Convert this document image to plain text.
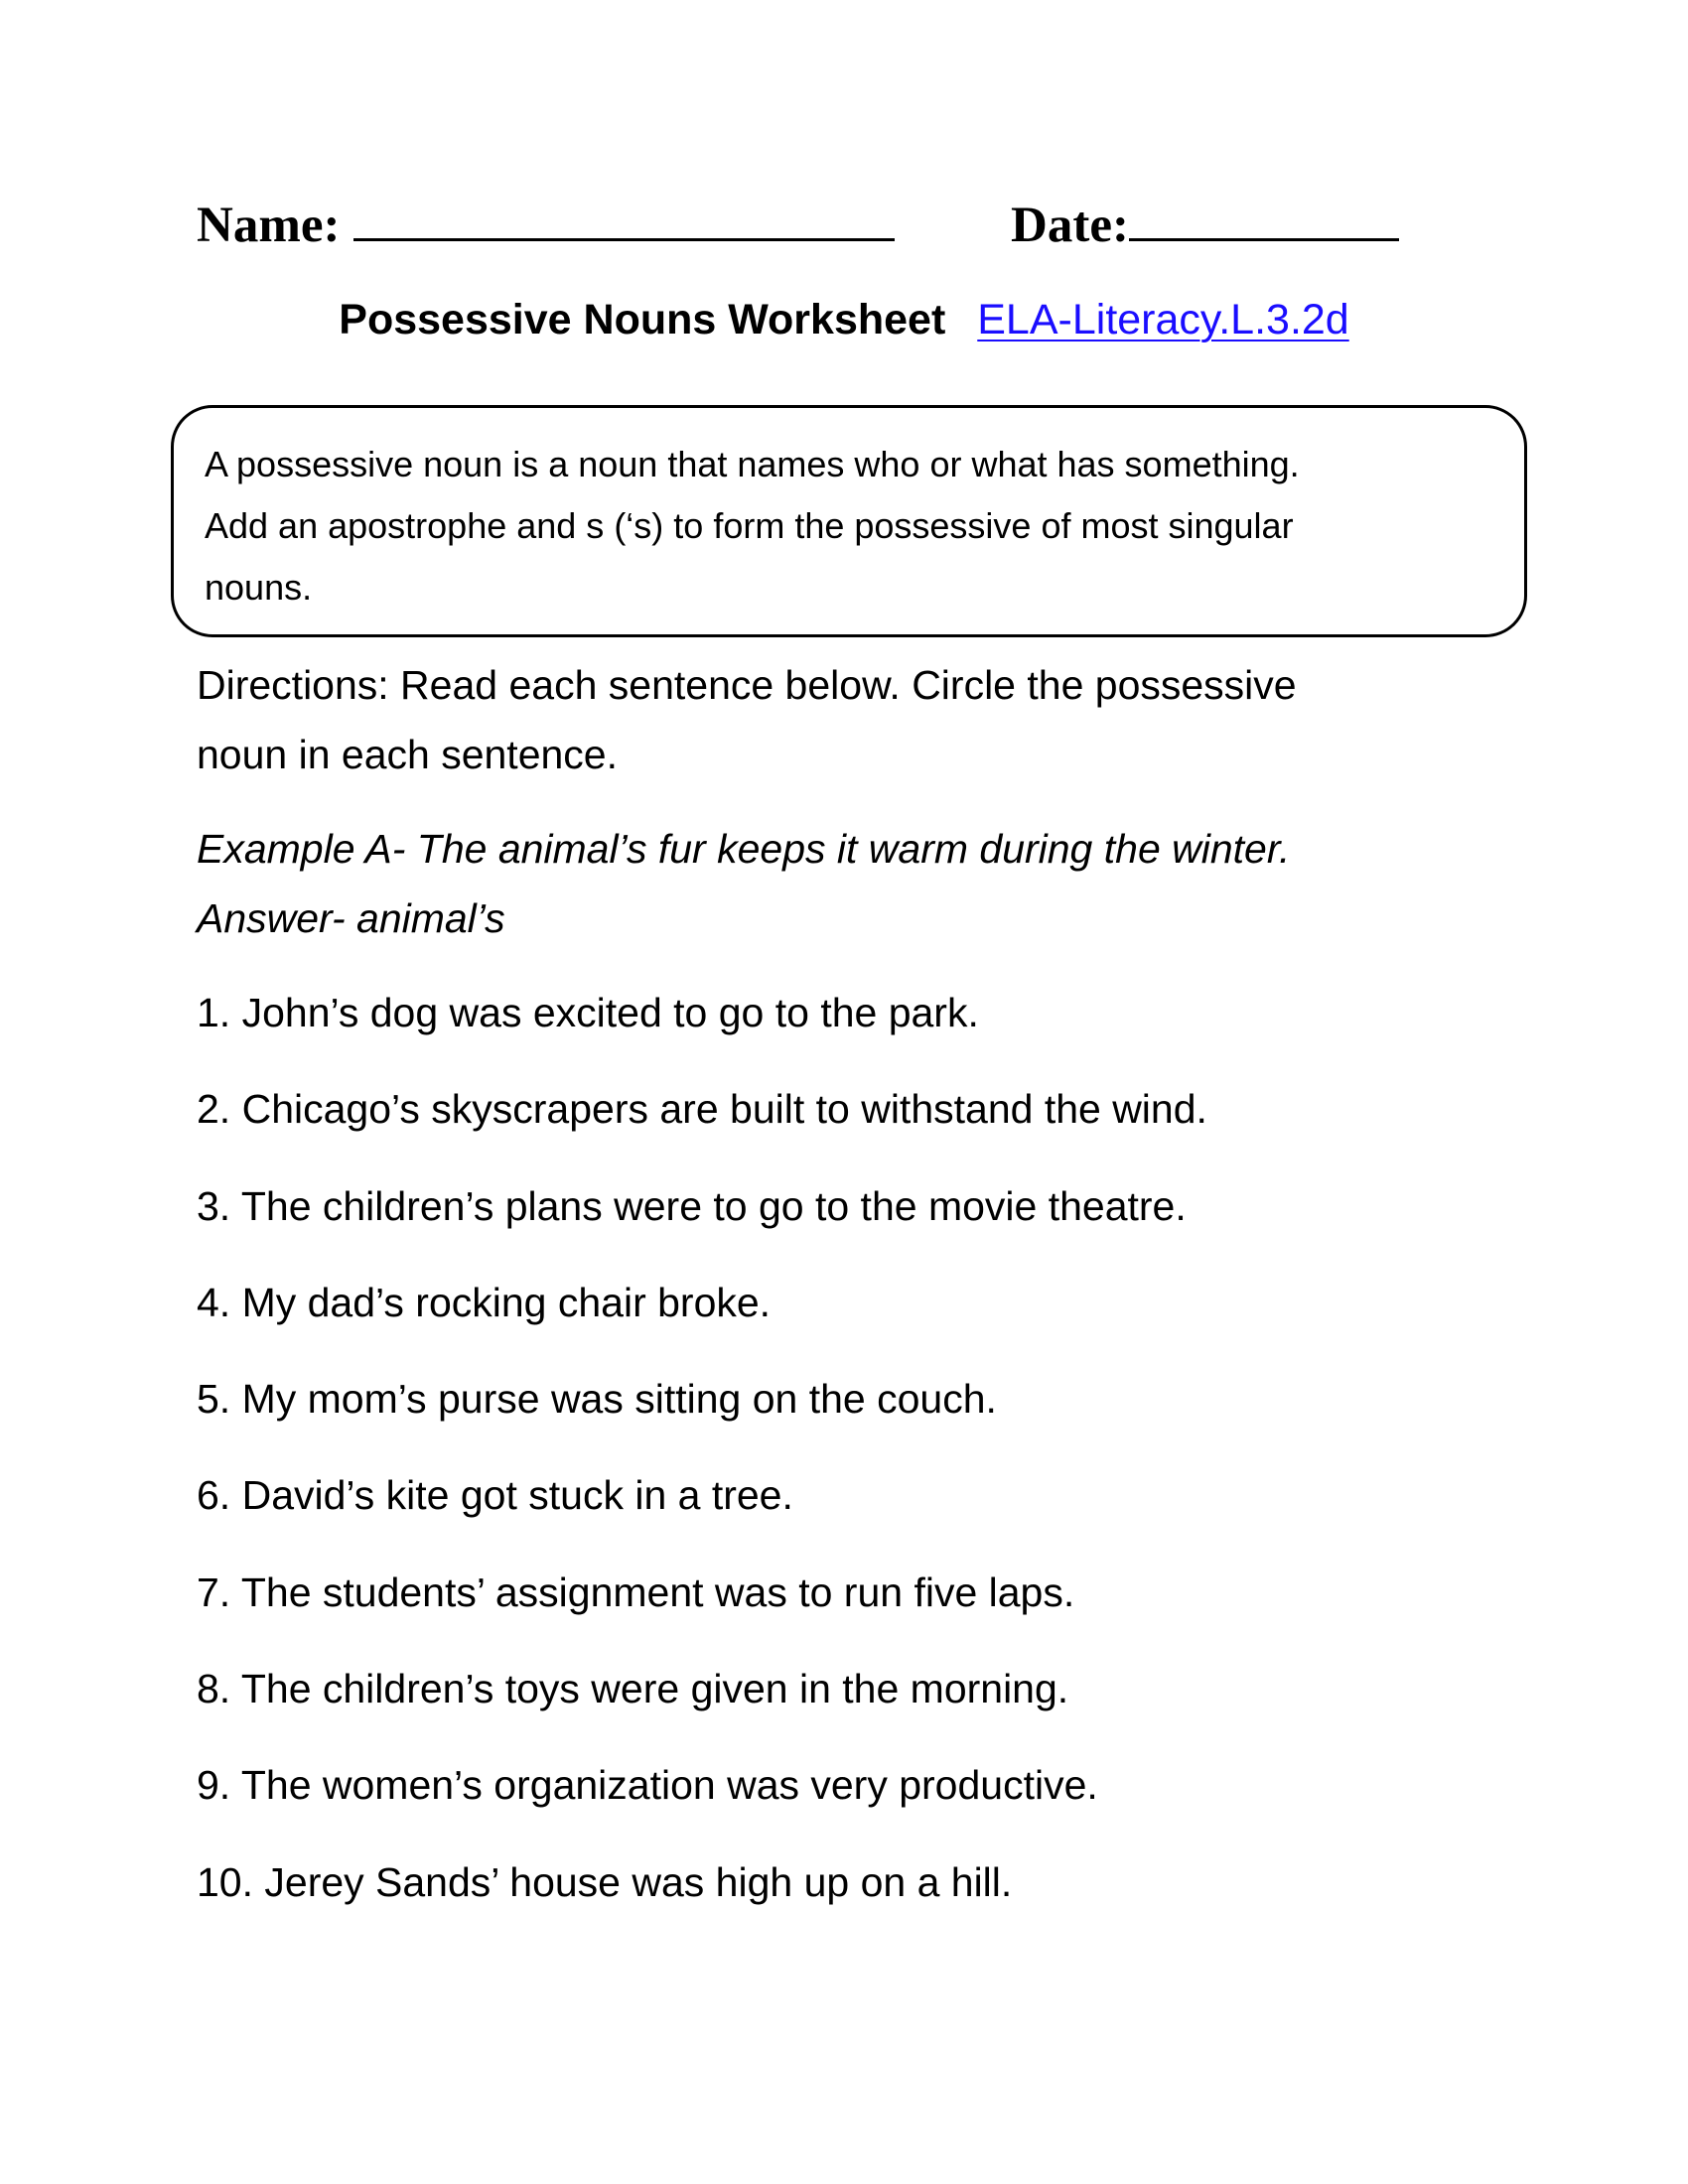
Name:	Date:
Possessive Nouns Worksheet ELA-Literacy.L.3.2d

A possessive noun is a noun that names who or what has something.

Add an apostrophe and s (‘s) to form the possessive of most singular

nouns.

Directions: Read each sentence below. Circle the possessive

noun in each sentence.

Example A- The animal’s fur keeps it warm during the winter.

Answer- animal’s

1. John’s dog was excited to go to the park.
2. Chicago’s skyscrapers are built to withstand the wind.
3. The children’s plans were to go to the movie theatre.
4. My dad’s rocking chair broke.
5. My mom’s purse was sitting on the couch.
6. David’s kite got stuck in a tree.
7. The students’ assignment was to run five laps.
8. The children’s toys were given in the morning.
9. The women’s organization was very productive.
10. Jerey Sands’ house was high up on a hill.
